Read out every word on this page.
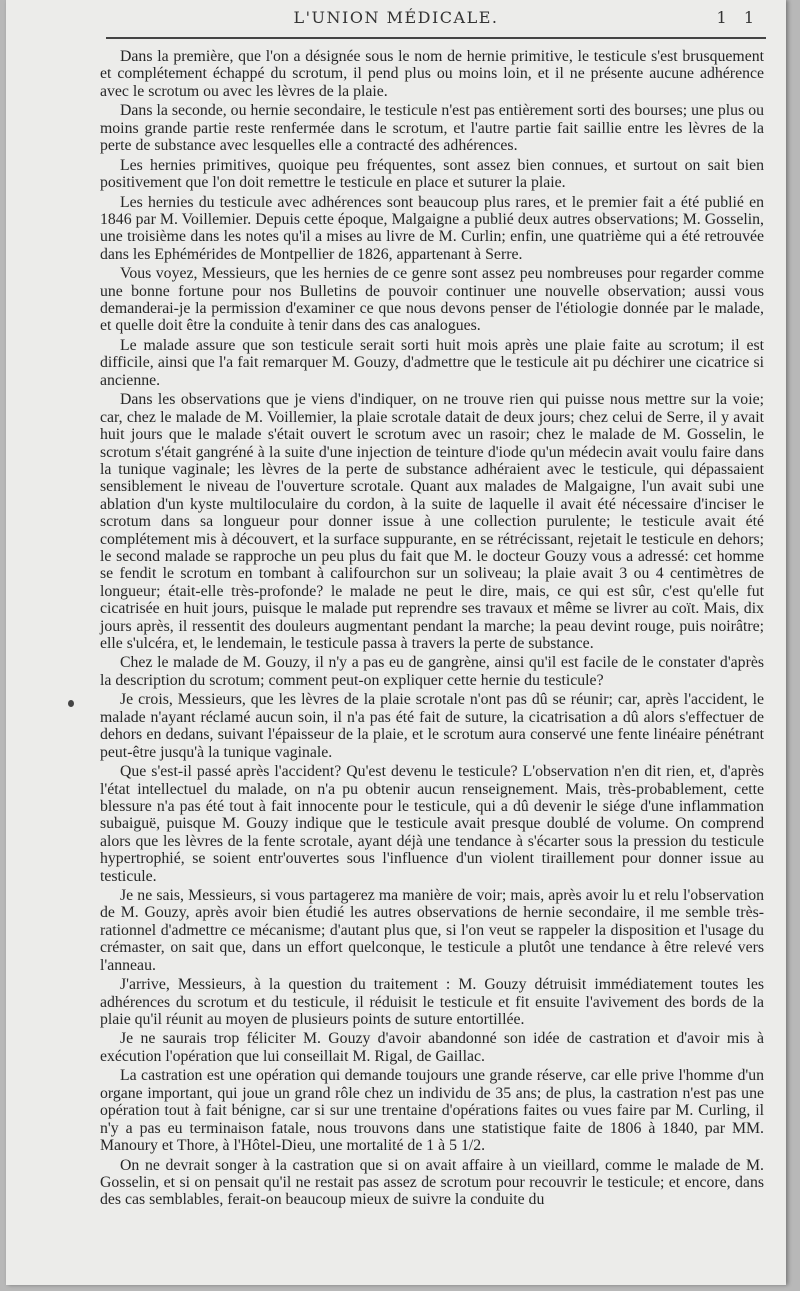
L'UNION MÉDICALE.	1 1

Dans la première, que l'on a désignée sous le nom de hernie primitive, le testicule s'est brusquement et complétement échappé du scrotum, il pend plus ou moins loin, et il ne présente aucune adhérence avec le scrotum ou avec les lèvres de la plaie.

Dans la seconde, ou hernie secondaire, le testicule n'est pas entièrement sorti des bourses; une plus ou moins grande partie reste renfermée dans le scrotum, et l'autre partie fait saillie entre les lèvres de la perte de substance avec lesquelles elle a contracté des adhérences.

Les hernies primitives, quoique peu fréquentes, sont assez bien connues, et surtout on sait bien positivement que l'on doit remettre le testicule en place et suturer la plaie.

Les hernies du testicule avec adhérences sont beaucoup plus rares, et le premier fait a été publié en 1846 par M. Voillemier. Depuis cette époque, Malgaigne a publié deux autres observations; M. Gosselin, une troisième dans les notes qu'il a mises au livre de M. Curlin; enfin, une quatrième qui a été retrouvée dans les Ephémérides de Montpellier de 1826, appartenant à Serre.

Vous voyez, Messieurs, que les hernies de ce genre sont assez peu nombreuses pour regarder comme une bonne fortune pour nos Bulletins de pouvoir continuer une nouvelle observation; aussi vous demanderai-je la permission d'examiner ce que nous devons penser de l'étiologie donnée par le malade, et quelle doit être la conduite à tenir dans des cas analogues.

Le malade assure que son testicule serait sorti huit mois après une plaie faite au scrotum; il est difficile, ainsi que l'a fait remarquer M. Gouzy, d'admettre que le testicule ait pu déchirer une cicatrice si ancienne.

Dans les observations que je viens d'indiquer, on ne trouve rien qui puisse nous mettre sur la voie; car, chez le malade de M. Voillemier, la plaie scrotale datait de deux jours; chez celui de Serre, il y avait huit jours que le malade s'était ouvert le scrotum avec un rasoir; chez le malade de M. Gosselin, le scrotum s'était gangréné à la suite d'une injection de teinture d'iode qu'un médecin avait voulu faire dans la tunique vaginale; les lèvres de la perte de substance adhéraient avec le testicule, qui dépassaient sensiblement le niveau de l'ouverture scrotale. Quant aux malades de Malgaigne, l'un avait subi une ablation d'un kyste multiloculaire du cordon, à la suite de laquelle il avait été nécessaire d'inciser le scrotum dans sa longueur pour donner issue à une collection purulente; le testicule avait été complétement mis à découvert, et la surface suppurante, en se rétrécissant, rejetait le testicule en dehors; le second malade se rapproche un peu plus du fait que M. le docteur Gouzy vous a adressé: cet homme se fendit le scrotum en tombant à califourchon sur un soliveau; la plaie avait 3 ou 4 centimètres de longueur; était-elle très-profonde? le malade ne peut le dire, mais, ce qui est sûr, c'est qu'elle fut cicatrisée en huit jours, puisque le malade put reprendre ses travaux et même se livrer au coït. Mais, dix jours après, il ressentit des douleurs augmentant pendant la marche; la peau devint rouge, puis noirâtre; elle s'ulcéra, et, le lendemain, le testicule passa à travers la perte de substance.

Chez le malade de M. Gouzy, il n'y a pas eu de gangrène, ainsi qu'il est facile de le constater d'après la description du scrotum; comment peut-on expliquer cette hernie du testicule?

Je crois, Messieurs, que les lèvres de la plaie scrotale n'ont pas dû se réunir; car, après l'accident, le malade n'ayant réclamé aucun soin, il n'a pas été fait de suture, la cicatrisation a dû alors s'effectuer de dehors en dedans, suivant l'épaisseur de la plaie, et le scrotum aura conservé une fente linéaire pénétrant peut-être jusqu'à la tunique vaginale.

Que s'est-il passé après l'accident? Qu'est devenu le testicule? L'observation n'en dit rien, et, d'après l'état intellectuel du malade, on n'a pu obtenir aucun renseignement. Mais, très-probablement, cette blessure n'a pas été tout à fait innocente pour le testicule, qui a dû devenir le siége d'une inflammation subaiguë, puisque M. Gouzy indique que le testicule avait presque doublé de volume. On comprend alors que les lèvres de la fente scrotale, ayant déjà une tendance à s'écarter sous la pression du testicule hypertrophié, se soient entr'ouvertes sous l'influence d'un violent tiraillement pour donner issue au testicule.

Je ne sais, Messieurs, si vous partagerez ma manière de voir; mais, après avoir lu et relu l'observation de M. Gouzy, après avoir bien étudié les autres observations de hernie secondaire, il me semble très-rationnel d'admettre ce mécanisme; d'autant plus que, si l'on veut se rappeler la disposition et l'usage du crémaster, on sait que, dans un effort quelconque, le testicule a plutôt une tendance à être relevé vers l'anneau.

J'arrive, Messieurs, à la question du traitement : M. Gouzy détruisit immédiatement toutes les adhérences du scrotum et du testicule, il réduisit le testicule et fit ensuite l'avivement des bords de la plaie qu'il réunit au moyen de plusieurs points de suture entortillée.

Je ne saurais trop féliciter M. Gouzy d'avoir abandonné son idée de castration et d'avoir mis à exécution l'opération que lui conseillait M. Rigal, de Gaillac.

La castration est une opération qui demande toujours une grande réserve, car elle prive l'homme d'un organe important, qui joue un grand rôle chez un individu de 35 ans; de plus, la castration n'est pas une opération tout à fait bénigne, car si sur une trentaine d'opérations faites ou vues faire par M. Curling, il n'y a pas eu terminaison fatale, nous trouvons dans une statistique faite de 1806 à 1840, par MM. Manoury et Thore, à l'Hôtel-Dieu, une mortalité de 1 à 5 1/2.

On ne devrait songer à la castration que si on avait affaire à un vieillard, comme le malade de M. Gosselin, et si on pensait qu'il ne restait pas assez de scrotum pour recouvrir le testicule; et encore, dans des cas semblables, ferait-on beaucoup mieux de suivre la conduite du
